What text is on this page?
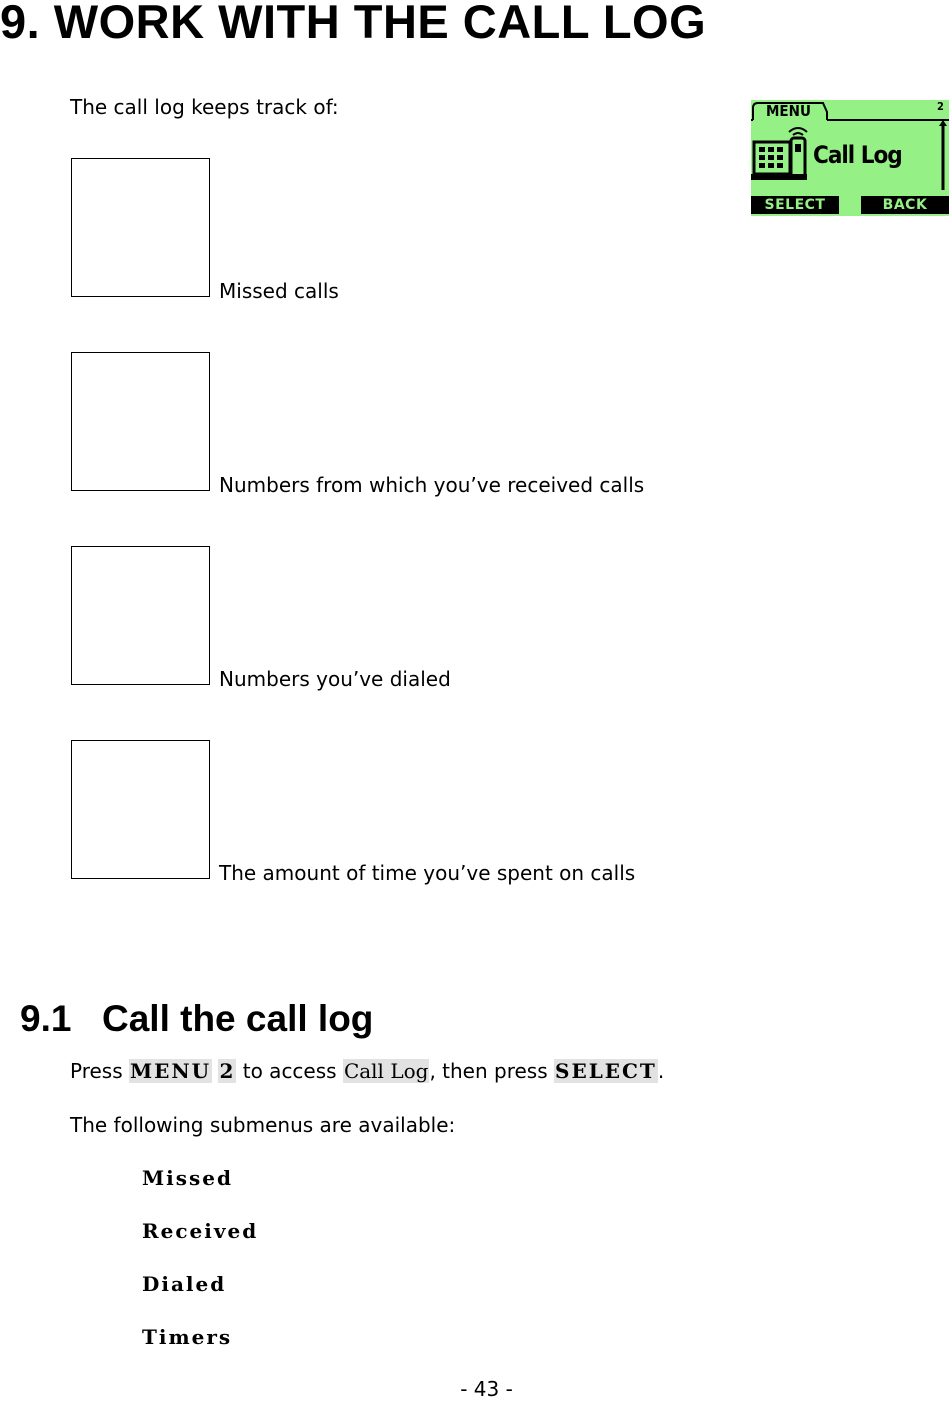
9. WORK WITH THE CALL LOG
The call log keeps track of:	MENU	2
Call Log
SELECT	BACK
Missed calls
Numbers from which you’ve received calls
Numbers you’ve dialed
The amount of time you’ve spent on calls
9.1 Call the call log
Press MENU 2 to access Call Log, then press SELECT.
The following submenus are available:
Missed
Received
Dialed
Timers
- 43 -
